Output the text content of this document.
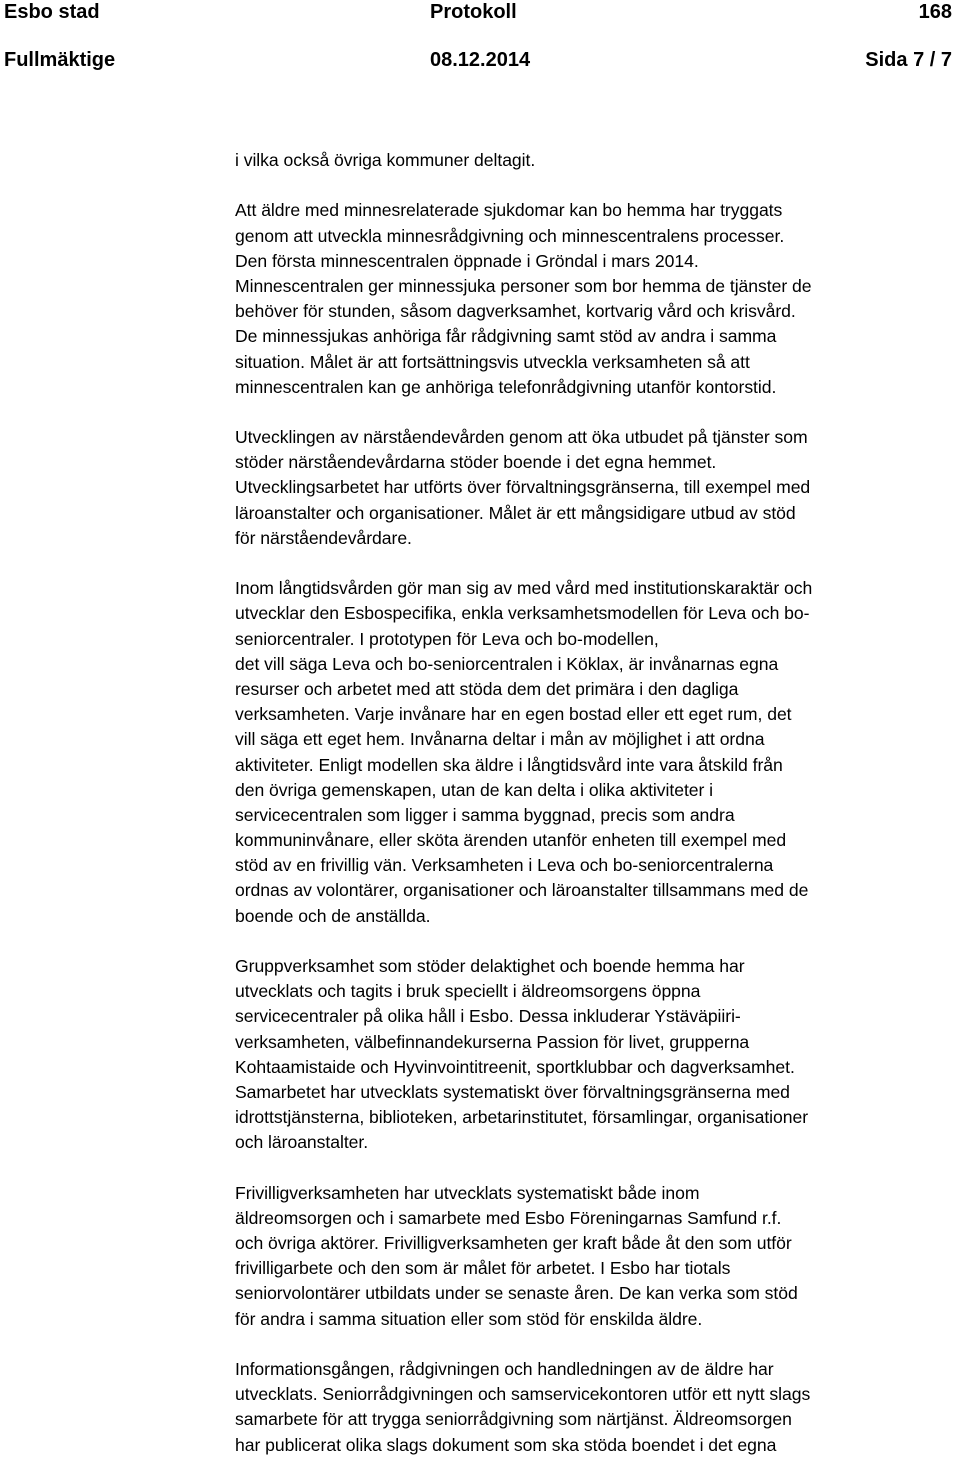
Esbo stad	Protokoll	168
Fullmäktige	08.12.2014	Sida 7 / 7
i vilka också övriga kommuner deltagit.
Att äldre med minnesrelaterade sjukdomar kan bo hemma har tryggats
genom att utveckla minnesrådgivning och minnescentralens processer.
Den första minnescentralen öppnade i Gröndal i mars 2014.
Minnescentralen ger minnessjuka personer som bor hemma de tjänster de
behöver för stunden, såsom dagverksamhet, kortvarig vård och krisvård.
De minnessjukas anhöriga får rådgivning samt stöd av andra i samma
situation. Målet är att fortsättningsvis utveckla verksamheten så att
minnescentralen kan ge anhöriga telefonrådgivning utanför kontorstid.
Utvecklingen av närståendevården genom att öka utbudet på tjänster som
stöder närståendevårdarna stöder boende i det egna hemmet.
Utvecklingsarbetet har utförts över förvaltningsgränserna, till exempel med
läroanstalter och organisationer. Målet är ett mångsidigare utbud av stöd
för närståendevårdare.
Inom långtidsvården gör man sig av med vård med institutionskaraktär och
utvecklar den Esbospecifika, enkla verksamhetsmodellen för Leva och bo-
seniorcentraler. I prototypen för Leva och bo-modellen,
det vill säga Leva och bo-seniorcentralen i Köklax, är invånarnas egna
resurser och arbetet med att stöda dem det primära i den dagliga
verksamheten. Varje invånare har en egen bostad eller ett eget rum, det
vill säga ett eget hem. Invånarna deltar i mån av möjlighet i att ordna
aktiviteter. Enligt modellen ska äldre i långtidsvård inte vara åtskild från
den övriga gemenskapen, utan de kan delta i olika aktiviteter i
servicecentralen som ligger i samma byggnad, precis som andra
kommuninvånare, eller sköta ärenden utanför enheten till exempel med
stöd av en frivillig vän. Verksamheten i Leva och bo-seniorcentralerna
ordnas av volontärer, organisationer och läroanstalter tillsammans med de
boende och de anställda.
Gruppverksamhet som stöder delaktighet och boende hemma har
utvecklats och tagits i bruk speciellt i äldreomsorgens öppna
servicecentraler på olika håll i Esbo. Dessa inkluderar Ystäväpiiri-
verksamheten, välbefinnandekurserna Passion för livet, grupperna
Kohtaamistaide och Hyvinvointitreenit, sportklubbar och dagverksamhet.
Samarbetet har utvecklats systematiskt över förvaltningsgränserna med
idrottstjänsterna, biblioteken, arbetarinstitutet, församlingar, organisationer
och läroanstalter.
Frivilligverksamheten har utvecklats systematiskt både inom
äldreomsorgen och i samarbete med Esbo Föreningarnas Samfund r.f.
och övriga aktörer. Frivilligverksamheten ger kraft både åt den som utför
frivilligarbete och den som är målet för arbetet. I Esbo har tiotals
seniorvolontärer utbildats under se senaste åren. De kan verka som stöd
för andra i samma situation eller som stöd för enskilda äldre.
Informationsgången, rådgivningen och handledningen av de äldre har
utvecklats. Seniorrådgivningen och samservicekontoren utför ett nytt slags
samarbete för att trygga seniorrådgivning som närtjänst. Äldreomsorgen
har publicerat olika slags dokument som ska stöda boendet i det egna
